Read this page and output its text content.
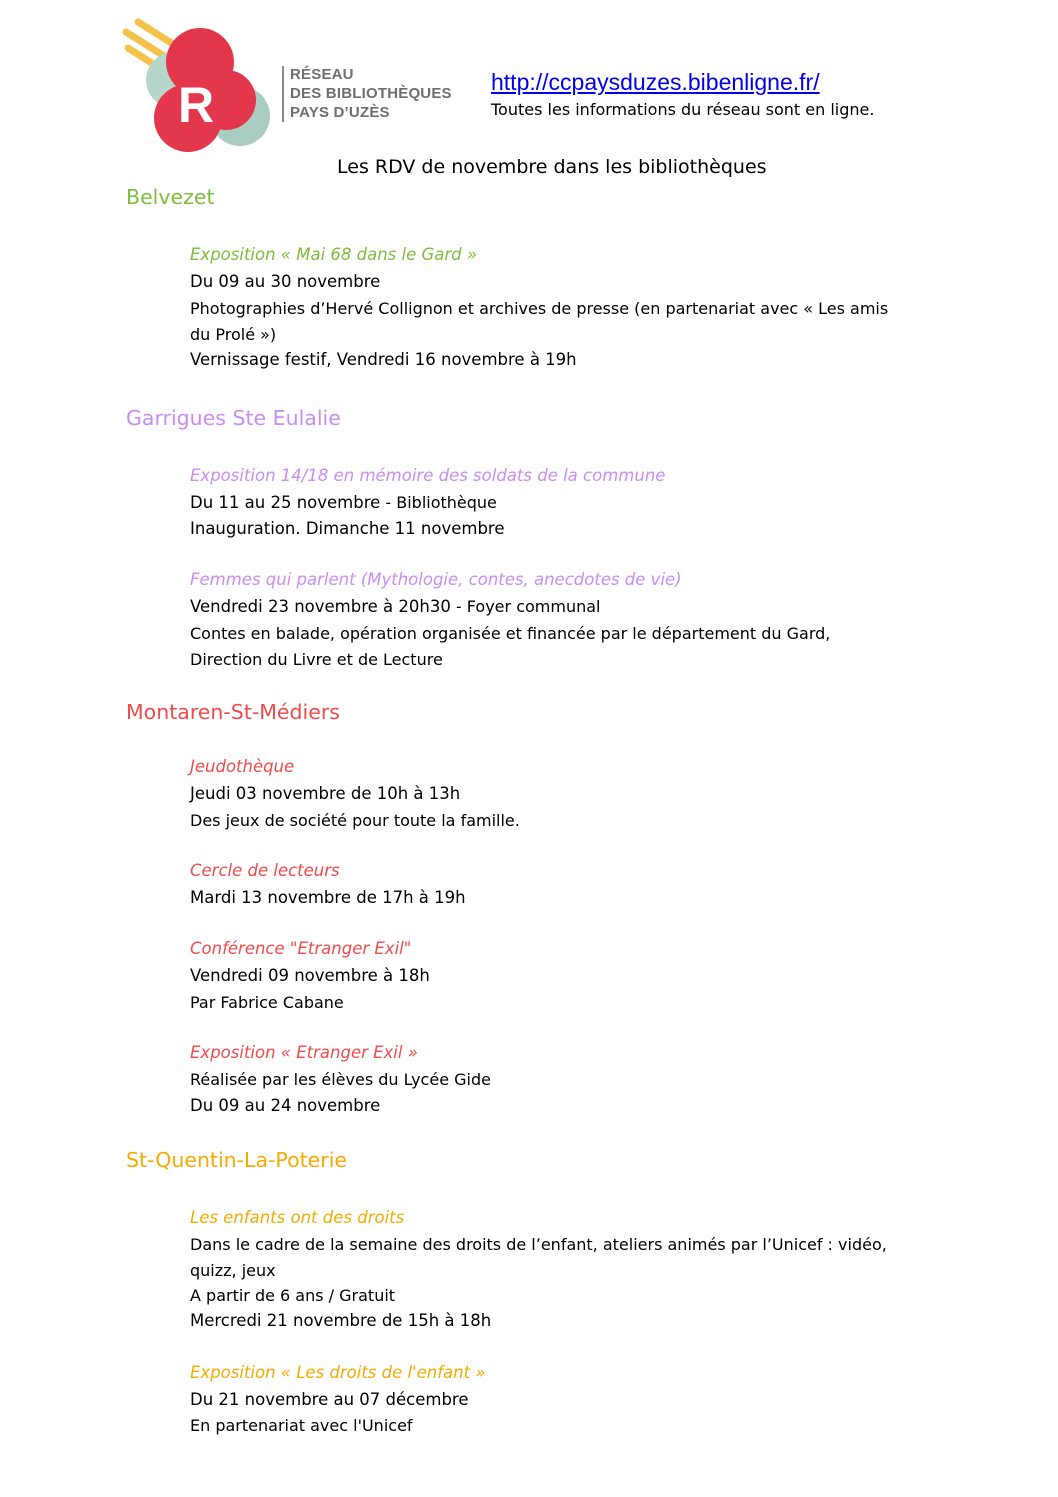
R
RÉSEAU
DES BIBLIOTHÈQUES
PAYS D’UZÈS
http://ccpaysduzes.bibenligne.fr/
Toutes les informations du réseau sont en ligne.
Les RDV de novembre dans les bibliothèques
Belvezet
Exposition « Mai 68 dans le Gard »
Du 09 au 30 novembre
Photographies d’Hervé Collignon et archives de presse (en partenariat avec « Les amis
du Prolé »)
Vernissage festif, Vendredi 16 novembre à 19h
Garrigues Ste Eulalie
Exposition 14/18 en mémoire des soldats de la commune
Du 11 au 25 novembre - Bibliothèque
Inauguration. Dimanche 11 novembre
Femmes qui parlent (Mythologie, contes, anecdotes de vie)
Vendredi 23 novembre à 20h30 - Foyer communal
Contes en balade, opération organisée et financée par le département du Gard,
Direction du Livre et de Lecture
Montaren-St-Médiers
Jeudothèque
Jeudi 03 novembre de 10h à 13h
Des jeux de société pour toute la famille.
Cercle de lecteurs
Mardi 13 novembre de 17h à 19h
Conférence "Etranger Exil"
Vendredi 09 novembre à 18h
Par Fabrice Cabane
Exposition « Etranger Exil »
Réalisée par les élèves du Lycée Gide
Du 09 au 24 novembre
St-Quentin-La-Poterie
Les enfants ont des droits
Dans le cadre de la semaine des droits de l’enfant, ateliers animés par l’Unicef : vidéo,
quizz, jeux
A partir de 6 ans / Gratuit
Mercredi 21 novembre de 15h à 18h
Exposition « Les droits de l'enfant »
Du 21 novembre au 07 décembre
En partenariat avec l'Unicef
